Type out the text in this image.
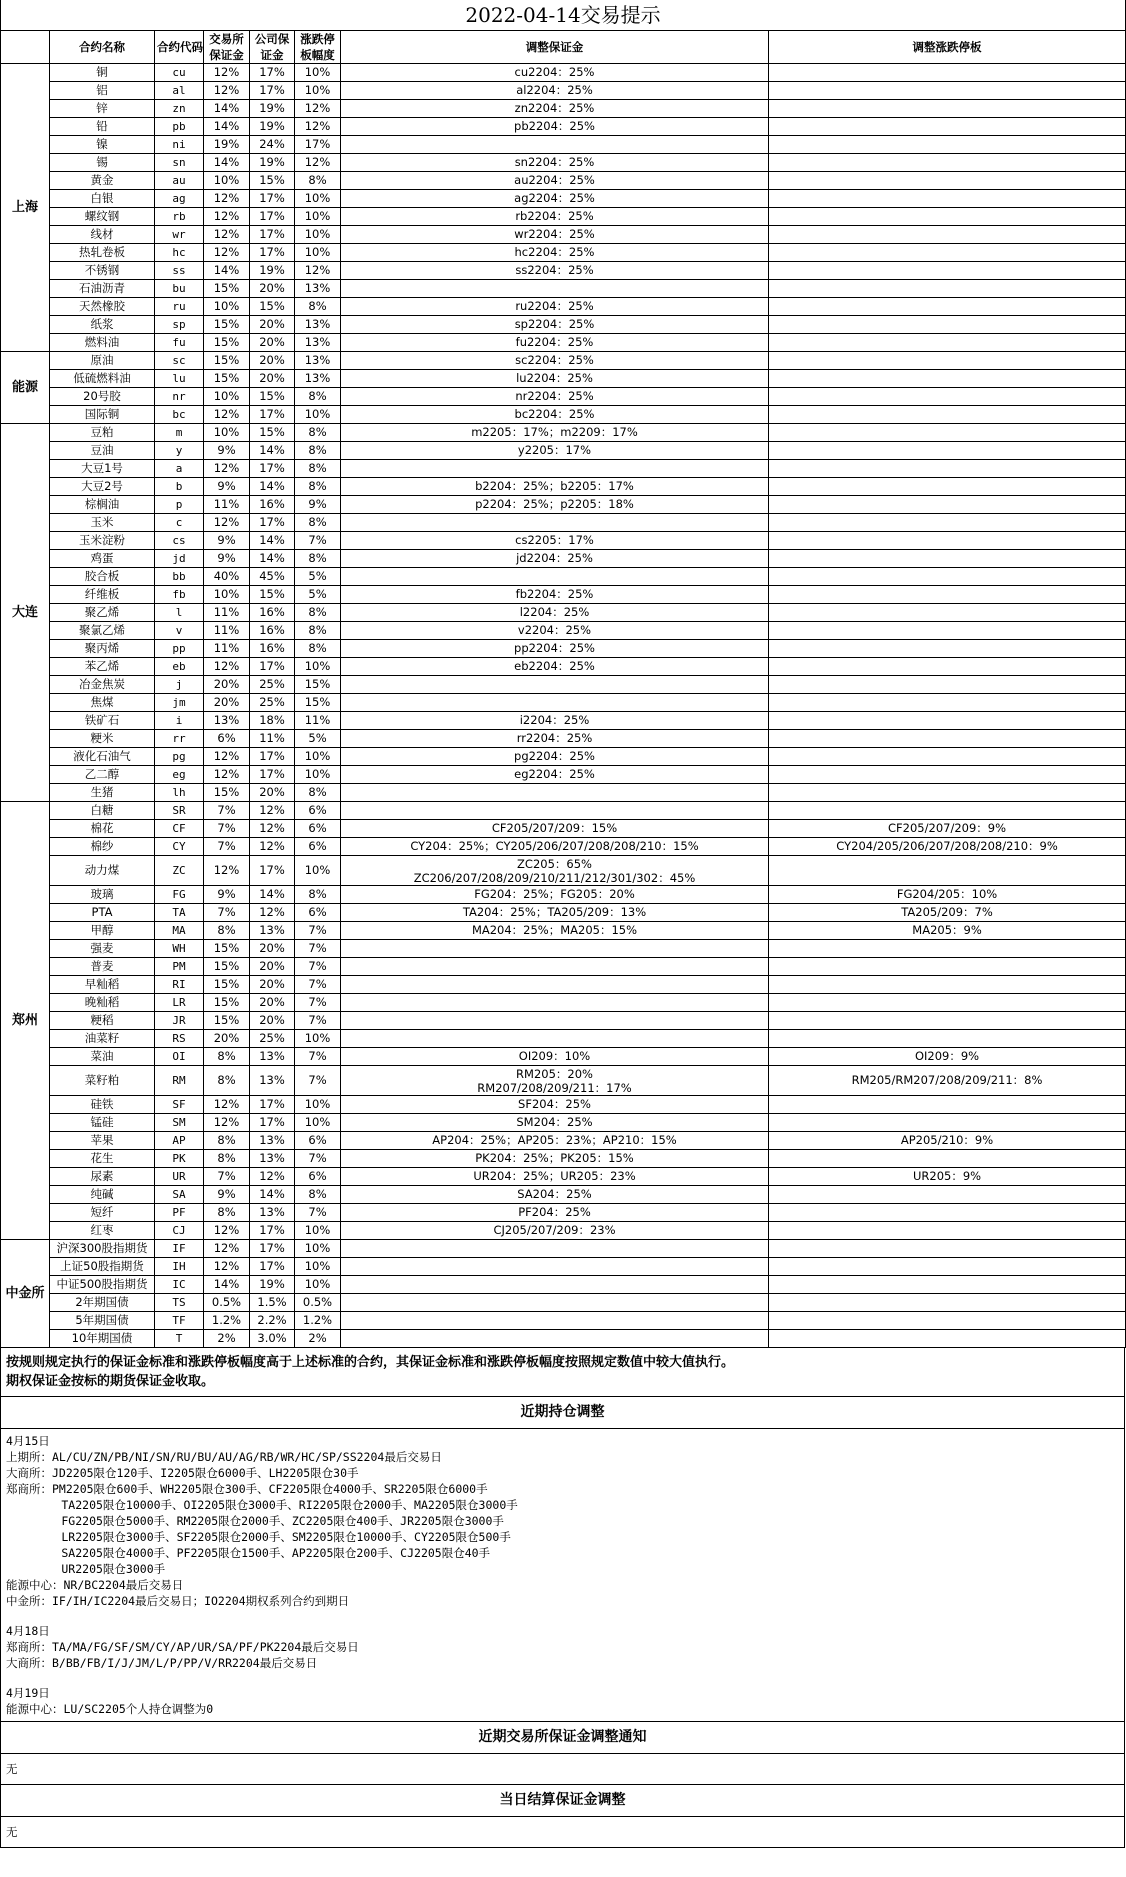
2022-04-14交易提示							
	合约名称	合约代码	交易所保证金	公司保证金	涨跌停板幅度	调整保证金	调整涨跌停板
上海	铜	cu	12%	17%	10%	cu2204：25%	
	铝	al	12%	17%	10%	al2204：25%	
	锌	zn	14%	19%	12%	zn2204：25%	
	铅	pb	14%	19%	12%	pb2204：25%	
	镍	ni	19%	24%	17%		
	锡	sn	14%	19%	12%	sn2204：25%	
	黄金	au	10%	15%	8%	au2204：25%	
	白银	ag	12%	17%	10%	ag2204：25%	
	螺纹钢	rb	12%	17%	10%	rb2204：25%	
	线材	wr	12%	17%	10%	wr2204：25%	
	热轧卷板	hc	12%	17%	10%	hc2204：25%	
	不锈钢	ss	14%	19%	12%	ss2204：25%	
	石油沥青	bu	15%	20%	13%		
	天然橡胶	ru	10%	15%	8%	ru2204：25%	
	纸浆	sp	15%	20%	13%	sp2204：25%	
	燃料油	fu	15%	20%	13%	fu2204：25%	
能源	原油	sc	15%	20%	13%	sc2204：25%	
	低硫燃料油	lu	15%	20%	13%	lu2204：25%	
	20号胶	nr	10%	15%	8%	nr2204：25%	
	国际铜	bc	12%	17%	10%	bc2204：25%	
大连	豆粕	m	10%	15%	8%	m2205：17%；m2209：17%	
	豆油	y	9%	14%	8%	y2205：17%	
	大豆1号	a	12%	17%	8%		
	大豆2号	b	9%	14%	8%	b2204：25%；b2205：17%	
	棕榈油	p	11%	16%	9%	p2204：25%；p2205：18%	
	玉米	c	12%	17%	8%		
	玉米淀粉	cs	9%	14%	7%	cs2205：17%	
	鸡蛋	jd	9%	14%	8%	jd2204：25%	
	胶合板	bb	40%	45%	5%		
	纤维板	fb	10%	15%	5%	fb2204：25%	
	聚乙烯	l	11%	16%	8%	l2204：25%	
	聚氯乙烯	v	11%	16%	8%	v2204：25%	
	聚丙烯	pp	11%	16%	8%	pp2204：25%	
	苯乙烯	eb	12%	17%	10%	eb2204：25%	
	冶金焦炭	j	20%	25%	15%		
	焦煤	jm	20%	25%	15%		
	铁矿石	i	13%	18%	11%	i2204：25%	
	粳米	rr	6%	11%	5%	rr2204：25%	
	液化石油气	pg	12%	17%	10%	pg2204：25%	
	乙二醇	eg	12%	17%	10%	eg2204：25%	
	生猪	lh	15%	20%	8%		
郑州	白糖	SR	7%	12%	6%		
	棉花	CF	7%	12%	6%	CF205/207/209：15%	CF205/207/209：9%
	棉纱	CY	7%	12%	6%	CY204：25%；CY205/206/207/208/208/210：15%	CY204/205/206/207/208/208/210：9%
	动力煤	ZC	12%	17%	10%	ZC205：65%
ZC206/207/208/209/210/211/212/301/302：45%	
	玻璃	FG	9%	14%	8%	FG204：25%；FG205：20%	FG204/205：10%
	PTA	TA	7%	12%	6%	TA204：25%；TA205/209：13%	TA205/209：7%
	甲醇	MA	8%	13%	7%	MA204：25%；MA205：15%	MA205：9%
	强麦	WH	15%	20%	7%		
	普麦	PM	15%	20%	7%		
	早籼稻	RI	15%	20%	7%		
	晚籼稻	LR	15%	20%	7%		
	粳稻	JR	15%	20%	7%		
	油菜籽	RS	20%	25%	10%		
	菜油	OI	8%	13%	7%	OI209：10%	OI209：9%
	菜籽粕	RM	8%	13%	7%	RM205：20%
RM207/208/209/211：17%	RM205/RM207/208/209/211：8%
	硅铁	SF	12%	17%	10%	SF204：25%	
	锰硅	SM	12%	17%	10%	SM204：25%	
	苹果	AP	8%	13%	6%	AP204：25%；AP205：23%；AP210：15%	AP205/210：9%
	花生	PK	8%	13%	7%	PK204：25%；PK205：15%	
	尿素	UR	7%	12%	6%	UR204：25%；UR205：23%	UR205：9%
	纯碱	SA	9%	14%	8%	SA204：25%	
	短纤	PF	8%	13%	7%	PF204：25%	
	红枣	CJ	12%	17%	10%	CJ205/207/209：23%	
中金所	沪深300股指期货	IF	12%	17%	10%		
	上证50股指期货	IH	12%	17%	10%		
	中证500股指期货	IC	14%	19%	10%		
	2年期国债	TS	0.5%	1.5%	0.5%		
	5年期国债	TF	1.2%	2.2%	1.2%		
	10年期国债	T	2%	3.0%	2%		
按规则规定执行的保证金标准和涨跌停板幅度高于上述标准的合约，其保证金标准和涨跌停板幅度按照规定数值中较大值执行。
期权保证金按标的期货保证金收取。
近期持仓调整
4月15日
上期所：AL/CU/ZN/PB/NI/SN/RU/BU/AU/AG/RB/WR/HC/SP/SS2204最后交易日
大商所：JD2205限仓120手、I2205限仓6000手、LH2205限仓30手
郑商所：PM2205限仓600手、WH2205限仓300手、CF2205限仓4000手、SR2205限仓6000手
TA2205限仓10000手、OI2205限仓3000手、RI2205限仓2000手、MA2205限仓3000手
FG2205限仓5000手、RM2205限仓2000手、ZC2205限仓400手、JR2205限仓3000手
LR2205限仓3000手、SF2205限仓2000手、SM2205限仓10000手、CY2205限仓500手
SA2205限仓4000手、PF2205限仓1500手、AP2205限仓200手、CJ2205限仓40手
UR2205限仓3000手
能源中心：NR/BC2204最后交易日
中金所：IF/IH/IC2204最后交易日；IO2204期权系列合约到期日
4月18日
郑商所：TA/MA/FG/SF/SM/CY/AP/UR/SA/PF/PK2204最后交易日
大商所：B/BB/FB/I/J/JM/L/P/PP/V/RR2204最后交易日
4月19日
能源中心：LU/SC2205个人持仓调整为0
近期交易所保证金调整通知
无
当日结算保证金调整
无
